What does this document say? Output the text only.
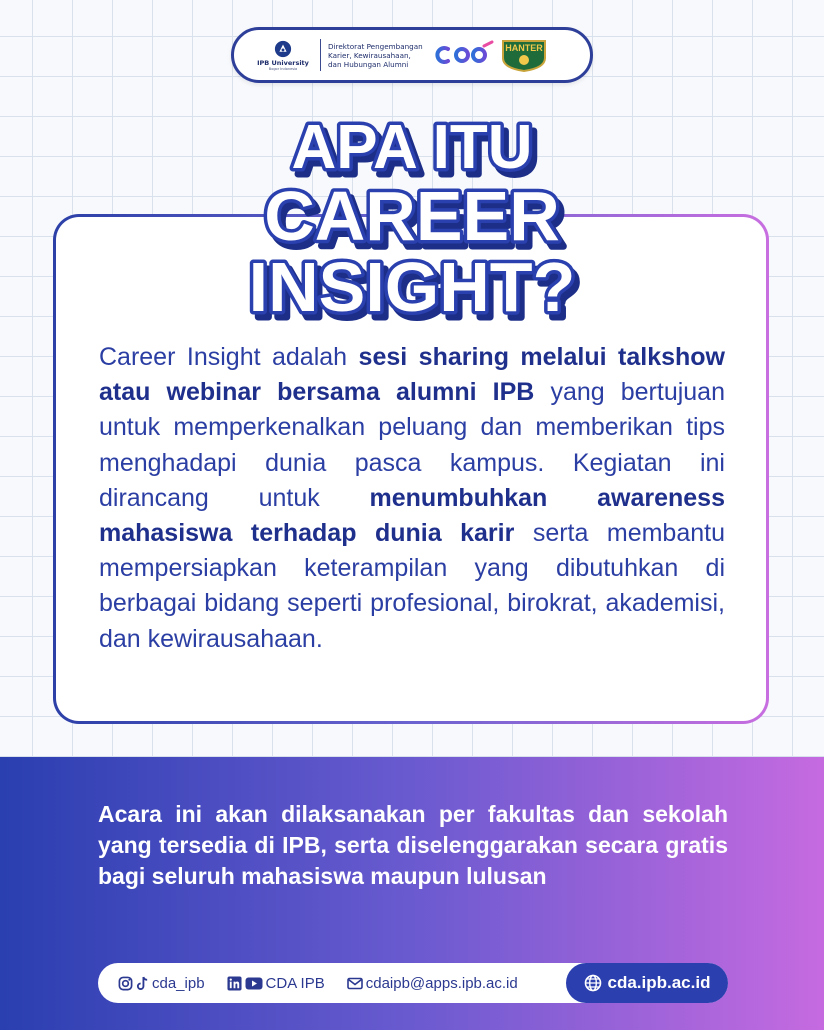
IPB University
Bogor Indonesia
Direktorat Pengembangan
Karier, Kewirausahaan,
dan Hubungan Alumni
HANTER
APA ITU
CAREER
INSIGHT?

Career Insight adalah sesi sharing melalui talkshow atau webinar bersama alumni IPB yang bertujuan untuk memperkenalkan peluang dan memberikan tips menghadapi dunia pasca kampus. Kegiatan ini dirancang untuk menumbuhkan awareness mahasiswa terhadap dunia karir serta membantu mempersiapkan keterampilan yang dibutuhkan di berbagai bidang seperti profesional, birokrat, akademisi, dan kewirausahaan.

Acara ini akan dilaksanakan per fakultas dan sekolah yang tersedia di IPB, serta diselenggarakan secara gratis bagi seluruh mahasiswa maupun lulusan

cda_ipb	CDA IPB	cdaipb@apps.ipb.ac.id	cda.ipb.ac.id
